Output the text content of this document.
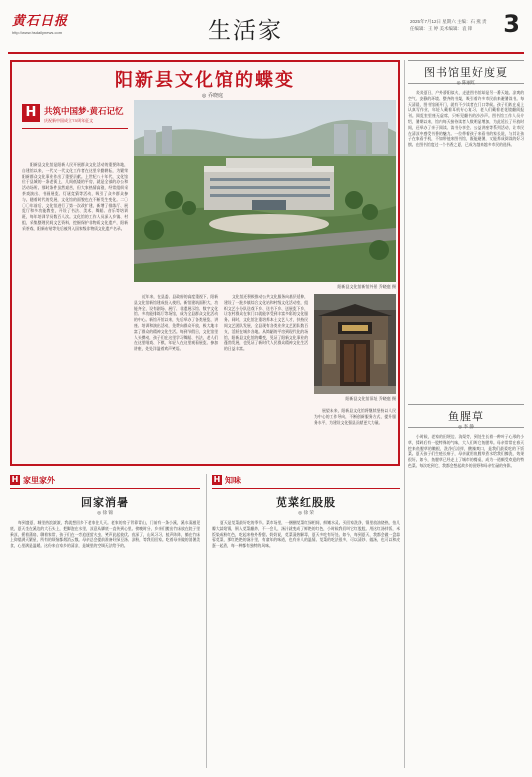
黄石日报
http://www.hsdailynews.com	生活家	2025年7月12日 星期六 主编：石 燕 责任编辑：王 婷 美术编辑：袁 锋	3
阳新县文化馆的蝶变
◎ 乔晓庭
H 共筑中国梦·黄石记忆
庆祝新中国成立75周年征文
阳新县文化馆是阳新人民开展群众文化活动的重要阵地，自建馆以来，一代又一代文化工作者在这里辛勤耕耘，为繁荣阳新群众文化事业作出了重要贡献。上世纪八十年代，文化馆位于县城的一条老街上，几间低矮的平房，就是全部的办公和活动场所。那时条件虽然艰苦，但大家热情高涨，经常组织采茶戏演出、书画展览、灯谜竞猜等活动，吸引了众多群众参与。随着时代的发展，文化馆的面貌也在不断发生变化。二〇〇〇年前后，文化馆进行了第一次改扩建，新增了排练厅、展览厅和多功能教室，开设了书法、美术、舞蹈、音乐等培训班，每年培训学员数百人次。文化馆的工作人员深入乡镇、村组，采集整理民间文艺资料，挖掘保护非物质文化遗产，阳新采茶戏、阳新布贴等先后被列入国家级非物质文化遗产名录。
阳新县文化馆新馆外景 乔晓庭 摄
近年来，在县委、县政府的高度重视下，阳新县文化馆新馆建成投入使用。新馆建筑面积大，功能齐全，设有剧场、展厅、非遗展示馆、数字文化馆、多功能排练厅等场馆，成为全县群众文化活动的中心。新馆开馆以来，先后举办了各类展览、讲座、培训和演出活动，免费向群众开放，极大地丰富了群众的精神文化生活。每到节假日，文化馆里人头攒动，孩子们在这里学习舞蹈、书法，老人们在这里唱戏、下棋，年轻人在这里观看展览、参加讲座，处处洋溢着欢声笑语。
文化馆还积极推动公共文化服务向基层延伸，建设了一批乡镇综合文化站和村级文化活动室，组织文艺小分队送戏下乡、送书下乡、送展览下乡，让农村群众在家门口就能享受到丰富多彩的文化服务。同时，文化馆注重培养本土文艺人才，扶持民间文艺团队发展，全县现有各类业余文艺团队数百支，活跃在城乡各地。从简陋的平房到现代化的场馆，阳新县文化馆的蝶变，见证了阳新文化事业的蓬勃发展，也见证了新时代人民群众精神文化生活的日益丰富。
阳新县文化馆旧址 乔晓庭 摄
展望未来，阳新县文化馆将继续坚持以人民为中心的工作导向，不断创新服务方式，提升服务水平，为建设文化强县贡献更大力量。
图书馆里好度夏
◎ 陈丽红
炎炎夏日，户外骄阳似火，走进图书馆却是另一番天地。凉爽的空气、安静的环境、整齐的书架，吸引着许多市民前来避暑读书。每天清晨，图书馆刚开门，就有不少读者在门口等候。孩子们趴在桌上认真写作业，年轻人戴着耳机专心复习，老人们戴着老花镜翻阅报刊。阅览室里座无虚席，只听见翻书的沙沙声。图书馆工作人员介绍，暑期以来，馆内每天接待读者人数明显增加，为此延长了开放时间，还举办了亲子阅读、读书分享会、公益讲座等系列活动，让市民在清凉中感受书香的魅力。一位带着孩子来看书的家长说，与其让孩子在家看手机，不如带他来图书馆，既能避暑，又能养成阅读的好习惯。在图书馆度过一个书香之夏，已成为越来越多市民的选择。
鱼腥草
◎ 李 静
小时候，老家的田埂边、沟渠旁，到处生长着一种叶子心形的小草，揉碎后有一股特殊的气味，大人们叫它鱼腥草。母亲常常在春天挖来鱼腥草的嫩根，洗净后凉拌，酸辣爽口，是我们最爱吃的下饭菜。夏天孩子们生疮长痱子，母亲就用鱼腥草煮水给我们擦洗，效果很好。如今，鱼腥草已经走上了城市的餐桌，成为一道颇受欢迎的特色菜。每次吃到它，我都会想起故乡的田野和母亲忙碌的身影。
H 家里家外
回家消暑
◎ 徐 锦
每到盛夏，城里热浪滚滚，我就想回乡下老家住几天。老家的房子背靠青山，门前有一条小溪，溪水清澈见底，夏天坐在溪边的大石头上，把脚泡在水里，凉意从脚底一直传到心里。傍晚时分，乡亲们搬出竹床放在院子里乘凉，摇着蒲扇，聊着家常，孩子们在一旁追逐萤火虫，笑声此起彼伏。夜深了，山风习习，蛙声阵阵，躺在竹床上仰望满天繁星，所有的烦恼都烟消云散。母亲总会提前准备好绿豆汤、凉粉，等我们回家。吃着母亲做的消暑美食，心里满是温暖。这份来自家乡的清凉，是城里的空调无法给予的。
H 知味
苋菜红股股
◎ 徐 荣
夏天是苋菜最好吃的季节。菜市场里，一捆捆苋菜红绿相间，鲜嫩水灵。买回家洗净，锅里放油烧热，拍几瓣大蒜炝锅，倒入苋菜翻炒，不一会儿，汤汁就变成了鲜艳的红色，小时候我们叫它红股股。用这红汤拌饭，米饭染成粉红色，吃起来格外香甜。奶奶说，苋菜清热解毒，夏天多吃有好处。如今，每到夏天，我都会做一盘蒜蓉苋菜，那红艳艳的汤汁里，有童年的味道，也有亲人的温情。苋菜的吃法很多，可以清炒、做汤，也可以和皮蛋一起煮，每一种都有独特的风味。
